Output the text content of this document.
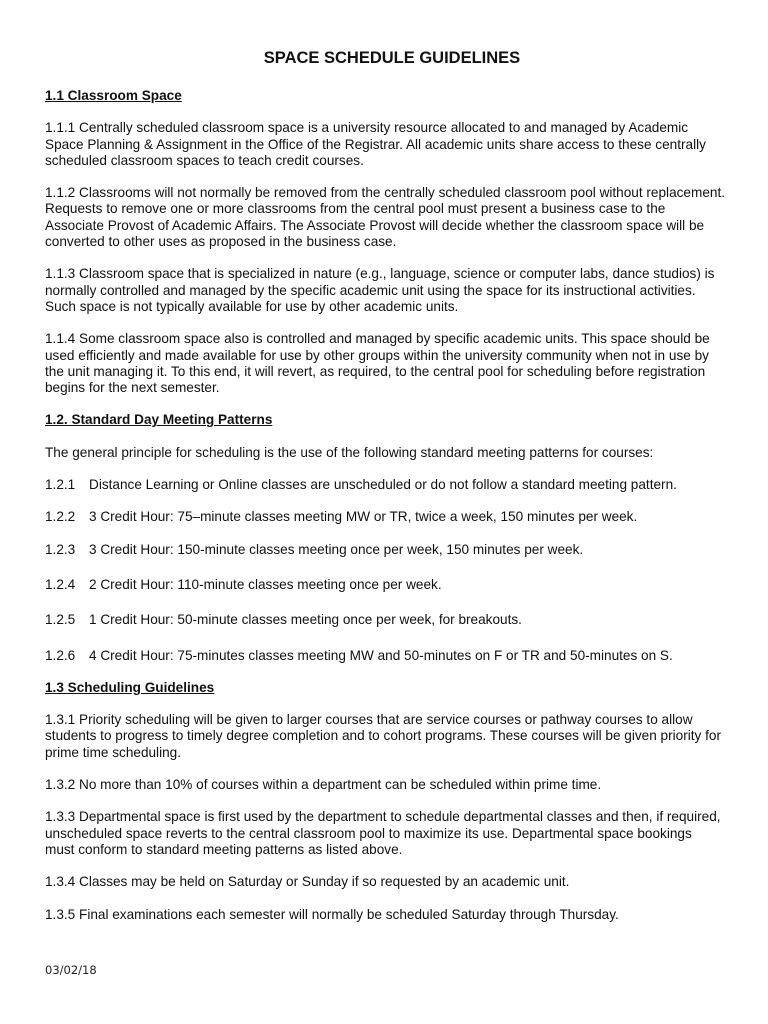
SPACE SCHEDULE GUIDELINES
1.1 Classroom Space

1.1.1 Centrally scheduled classroom space is a university resource allocated to and managed by Academic Space Planning & Assignment in the Office of the Registrar. All academic units share access to these centrally scheduled classroom spaces to teach credit courses.

1.1.2 Classrooms will not normally be removed from the centrally scheduled classroom pool without replacement. Requests to remove one or more classrooms from the central pool must present a business case to the Associate Provost of Academic Affairs. The Associate Provost will decide whether the classroom space will be converted to other uses as proposed in the business case.

1.1.3 Classroom space that is specialized in nature (e.g., language, science or computer labs, dance studios) is normally controlled and managed by the specific academic unit using the space for its instructional activities. Such space is not typically available for use by other academic units.

1.1.4 Some classroom space also is controlled and managed by specific academic units. This space should be used efficiently and made available for use by other groups within the university community when not in use by the unit managing it. To this end, it will revert, as required, to the central pool for scheduling before registration begins for the next semester.

1.2. Standard Day Meeting Patterns

The general principle for scheduling is the use of the following standard meeting patterns for courses:

1.2.1 Distance Learning or Online classes are unscheduled or do not follow a standard meeting pattern.
1.2.2 3 Credit Hour: 75–minute classes meeting MW or TR, twice a week, 150 minutes per week.
1.2.3 3 Credit Hour: 150-minute classes meeting once per week, 150 minutes per week.
1.2.4 2 Credit Hour: 110-minute classes meeting once per week.
1.2.5 1 Credit Hour: 50-minute classes meeting once per week, for breakouts.
1.2.6 4 Credit Hour: 75-minutes classes meeting MW and 50-minutes on F or TR and 50-minutes on S.
1.3 Scheduling Guidelines

1.3.1 Priority scheduling will be given to larger courses that are service courses or pathway courses to allow students to progress to timely degree completion and to cohort programs. These courses will be given priority for prime time scheduling.

1.3.2 No more than 10% of courses within a department can be scheduled within prime time.

1.3.3 Departmental space is first used by the department to schedule departmental classes and then, if required, unscheduled space reverts to the central classroom pool to maximize its use. Departmental space bookings must conform to standard meeting patterns as listed above.

1.3.4 Classes may be held on Saturday or Sunday if so requested by an academic unit.

1.3.5 Final examinations each semester will normally be scheduled Saturday through Thursday.

03/02/18
